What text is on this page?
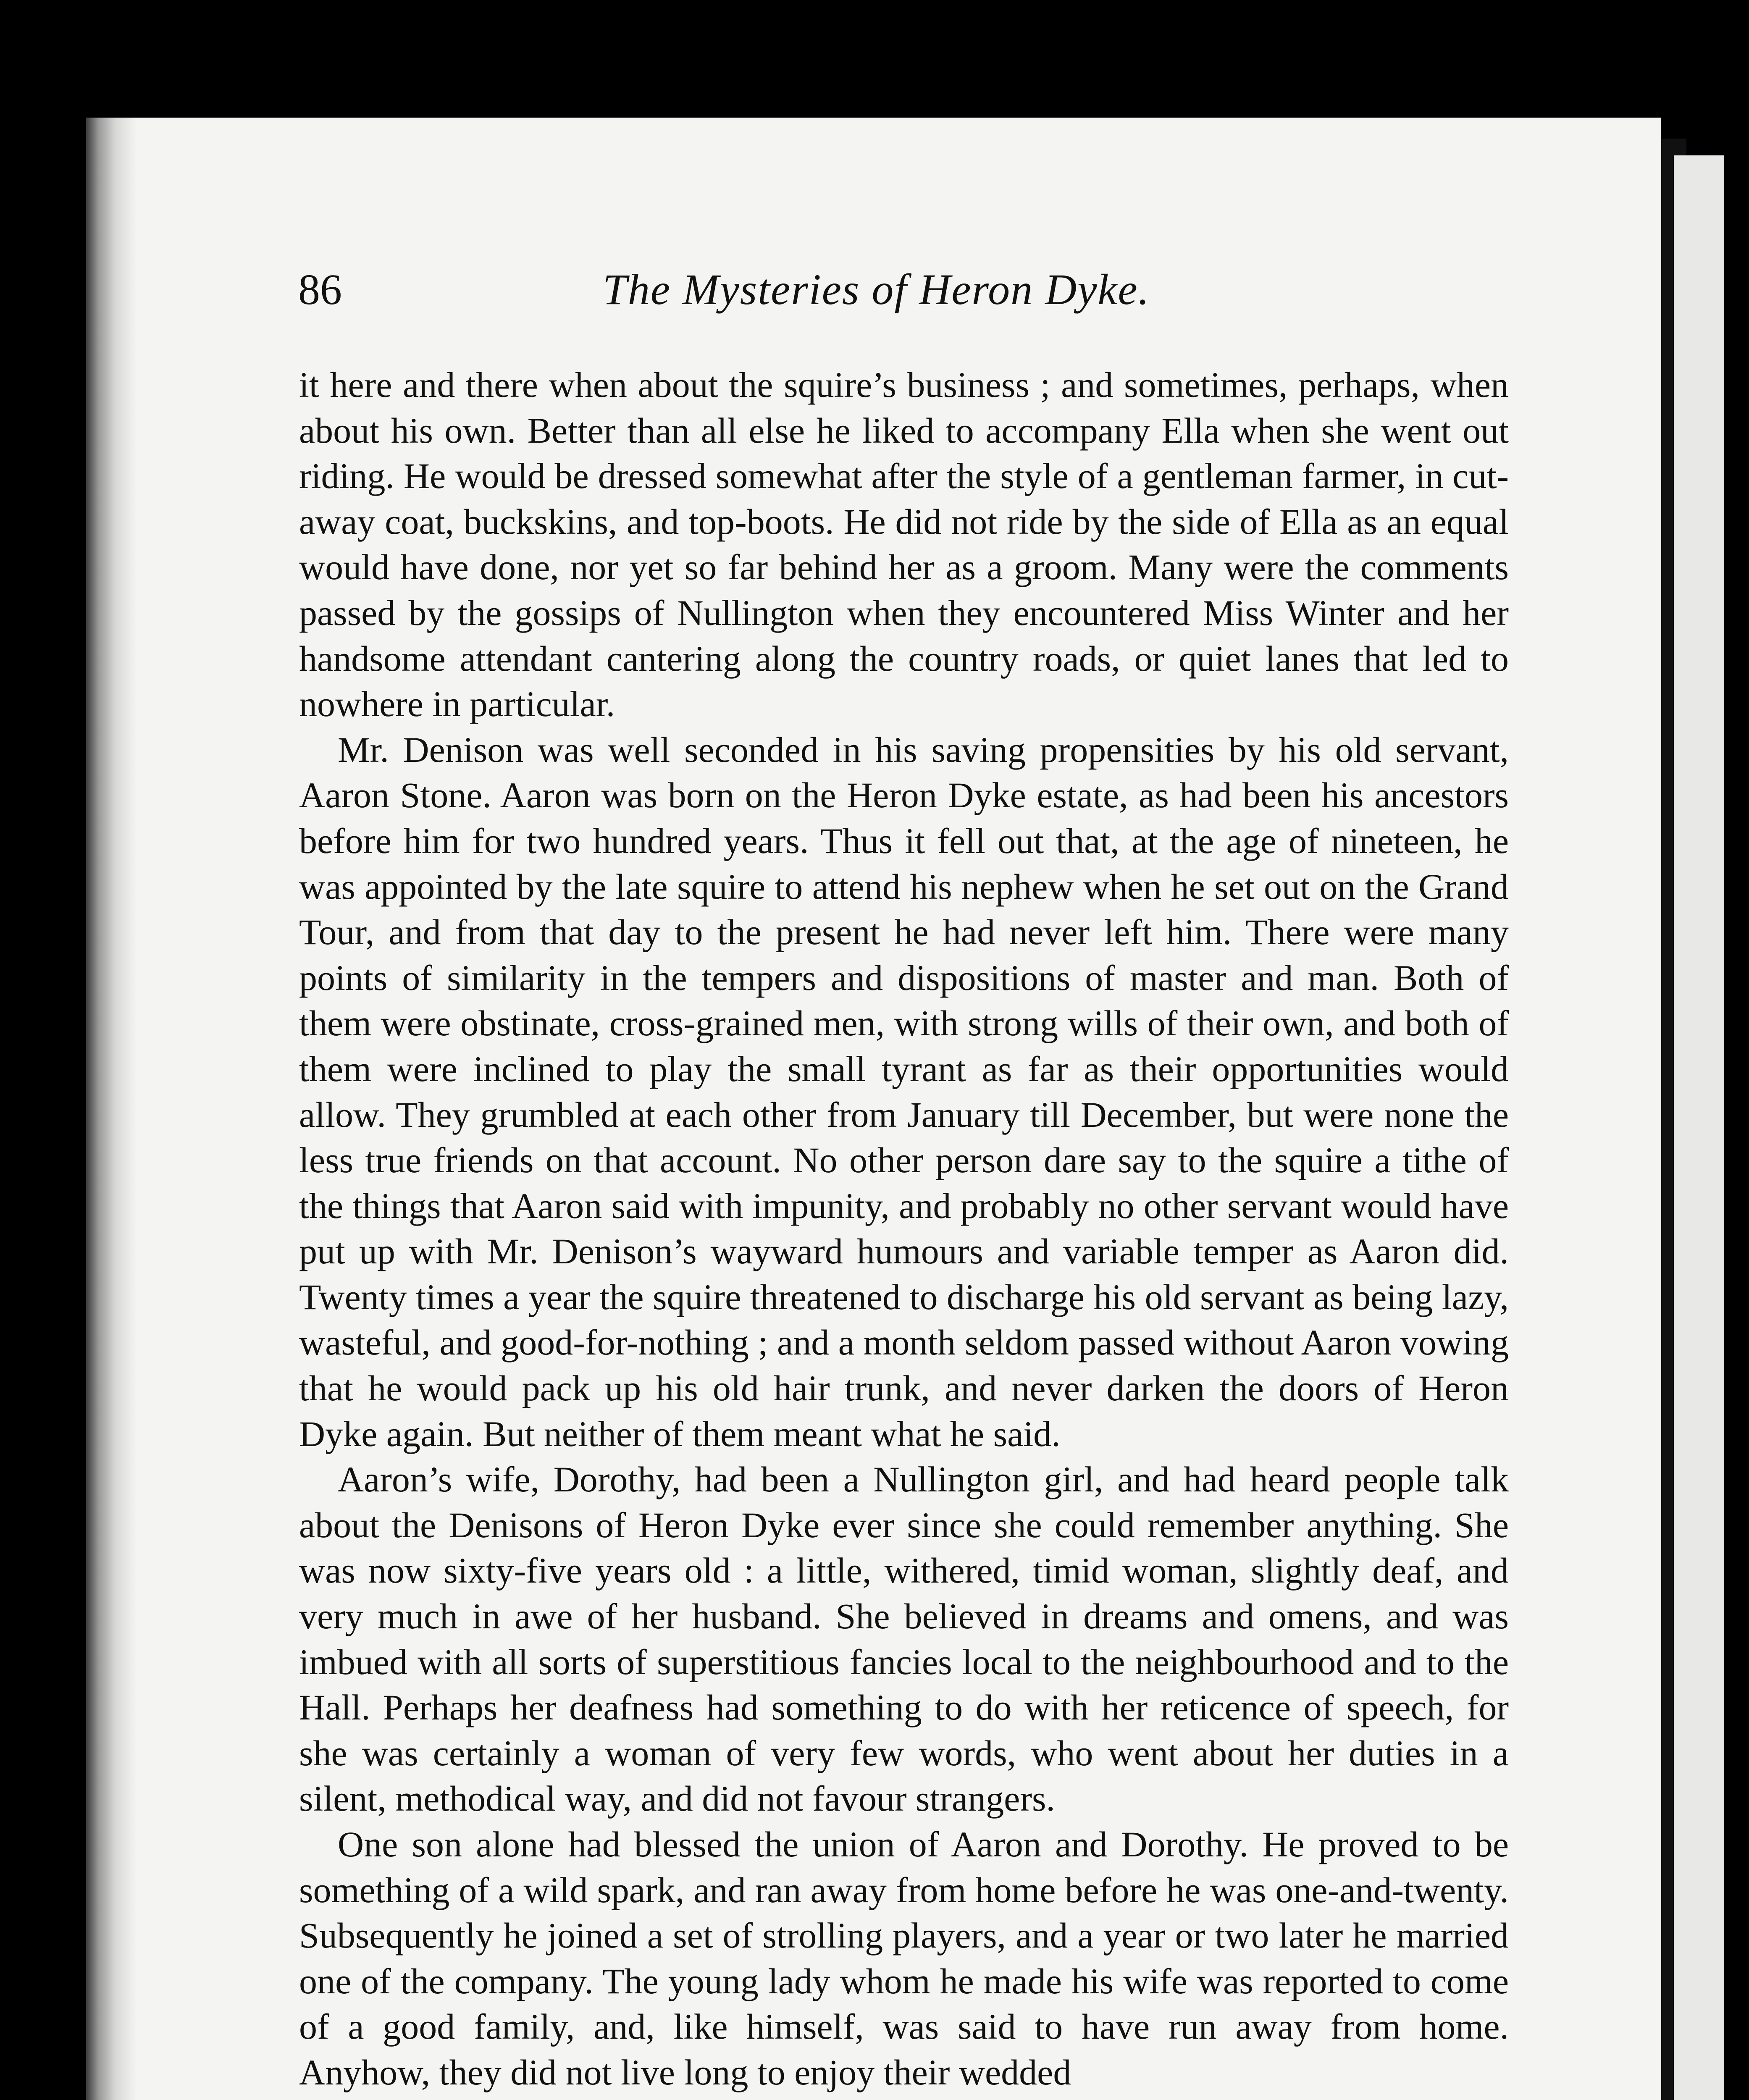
86	The Mysteries of Heron Dyke.

it here and there when about the squire’s business ; and sometimes, perhaps, when about his own. Better than all else he liked to accompany Ella when she went out riding. He would be dressed somewhat after the style of a gentleman farmer, in cut-away coat, buckskins, and top-boots. He did not ride by the side of Ella as an equal would have done, nor yet so far behind her as a groom. Many were the comments passed by the gossips of Nullington when they encountered Miss Winter and her handsome attendant cantering along the country roads, or quiet lanes that led to nowhere in particular.

Mr. Denison was well seconded in his saving propensities by his old servant, Aaron Stone. Aaron was born on the Heron Dyke estate, as had been his ancestors before him for two hundred years. Thus it fell out that, at the age of nineteen, he was appointed by the late squire to attend his nephew when he set out on the Grand Tour, and from that day to the present he had never left him. There were many points of similarity in the tempers and dispositions of master and man. Both of them were obstinate, cross-grained men, with strong wills of their own, and both of them were inclined to play the small tyrant as far as their opportunities would allow. They grumbled at each other from January till December, but were none the less true friends on that account. No other person dare say to the squire a tithe of the things that Aaron said with impunity, and probably no other servant would have put up with Mr. Denison’s wayward humours and variable temper as Aaron did. Twenty times a year the squire threatened to discharge his old servant as being lazy, wasteful, and good-for-nothing ; and a month seldom passed without Aaron vowing that he would pack up his old hair trunk, and never darken the doors of Heron Dyke again. But neither of them meant what he said.

Aaron’s wife, Dorothy, had been a Nullington girl, and had heard people talk about the Denisons of Heron Dyke ever since she could remember anything. She was now sixty-five years old : a little, withered, timid woman, slightly deaf, and very much in awe of her husband. She believed in dreams and omens, and was imbued with all sorts of superstitious fancies local to the neighbourhood and to the Hall. Perhaps her deafness had something to do with her reticence of speech, for she was certainly a woman of very few words, who went about her duties in a silent, methodical way, and did not favour strangers.

One son alone had blessed the union of Aaron and Dorothy. He proved to be something of a wild spark, and ran away from home before he was one-and-twenty. Subsequently he joined a set of strolling players, and a year or two later he married one of the company. The young lady whom he made his wife was reported to come of a good family, and, like himself, was said to have run away from home. Anyhow, they did not live long to enjoy their wedded
